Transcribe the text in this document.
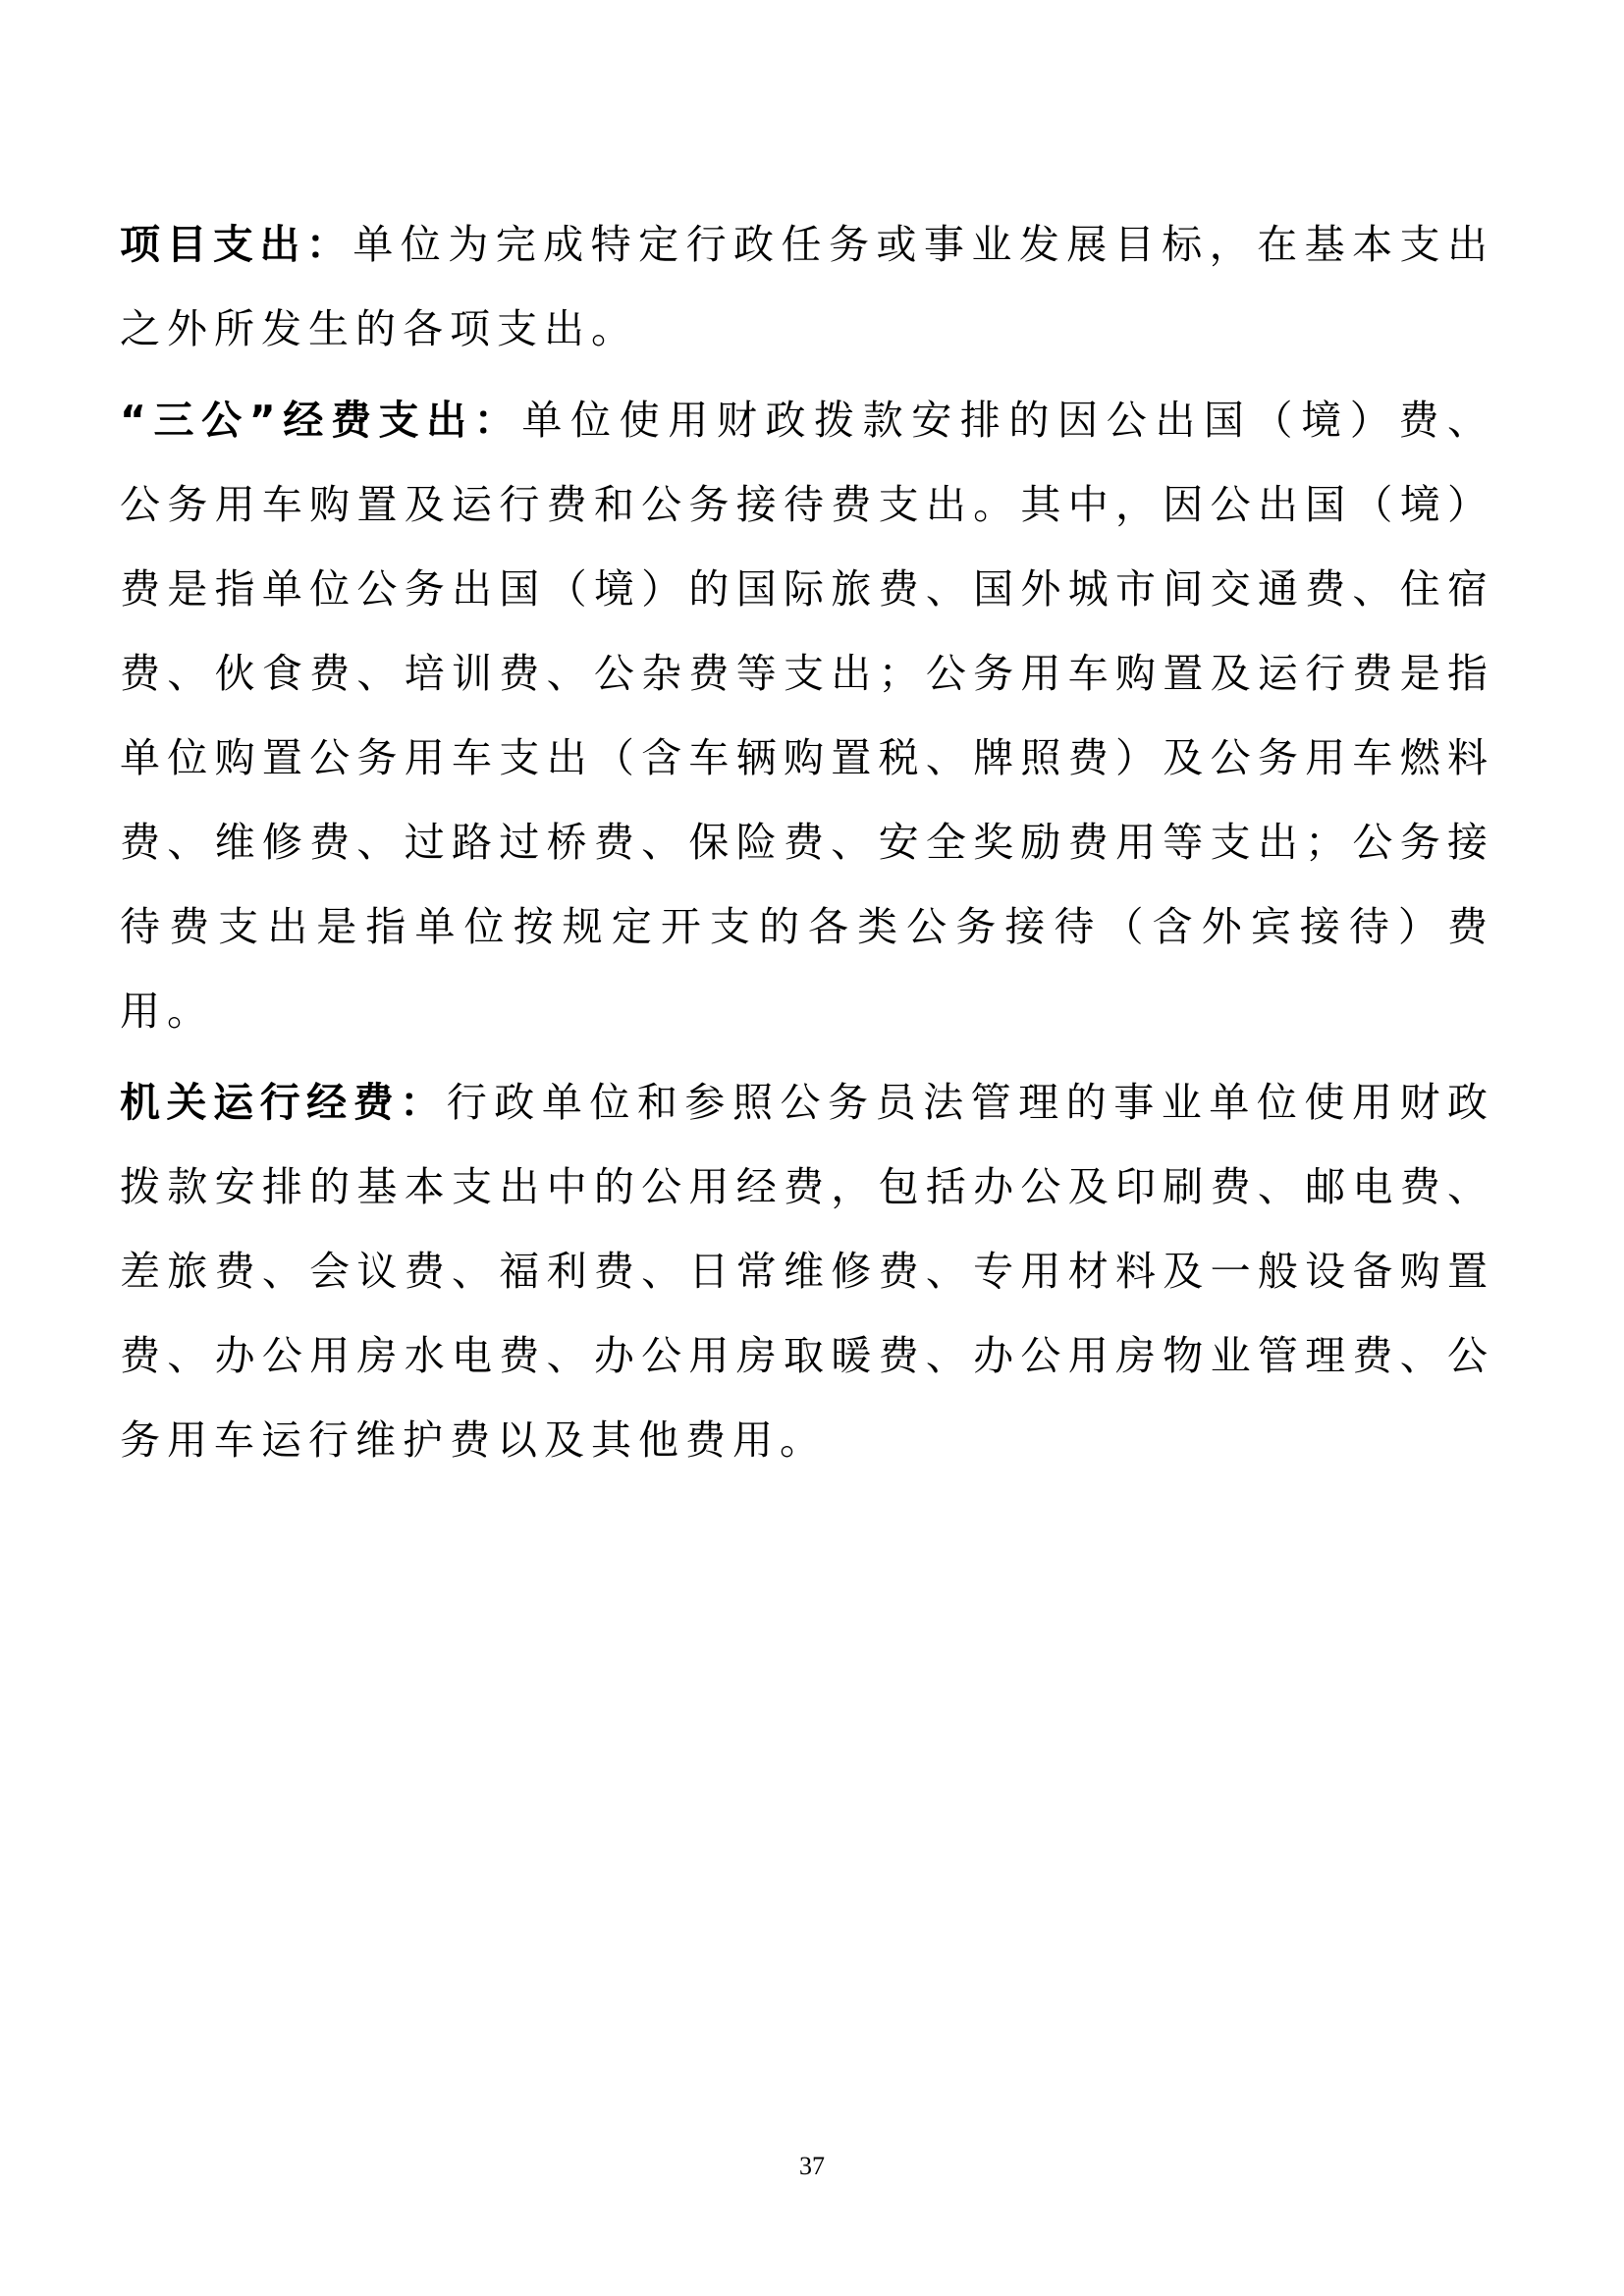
项目支出：单位为完成特定行政任务或事业发展目标，在基本支出之外所发生的各项支出。

“三公”经费支出：单位使用财政拨款安排的因公出国（境）费、公务用车购置及运行费和公务接待费支出。其中，因公出国（境）费是指单位公务出国（境）的国际旅费、国外城市间交通费、住宿费、伙食费、培训费、公杂费等支出；公务用车购置及运行费是指单位购置公务用车支出（含车辆购置税、牌照费）及公务用车燃料费、维修费、过路过桥费、保险费、安全奖励费用等支出；公务接待费支出是指单位按规定开支的各类公务接待（含外宾接待）费用。

机关运行经费：行政单位和参照公务员法管理的事业单位使用财政拨款安排的基本支出中的公用经费，包括办公及印刷费、邮电费、差旅费、会议费、福利费、日常维修费、专用材料及一般设备购置费、办公用房水电费、办公用房取暖费、办公用房物业管理费、公务用车运行维护费以及其他费用。

37
